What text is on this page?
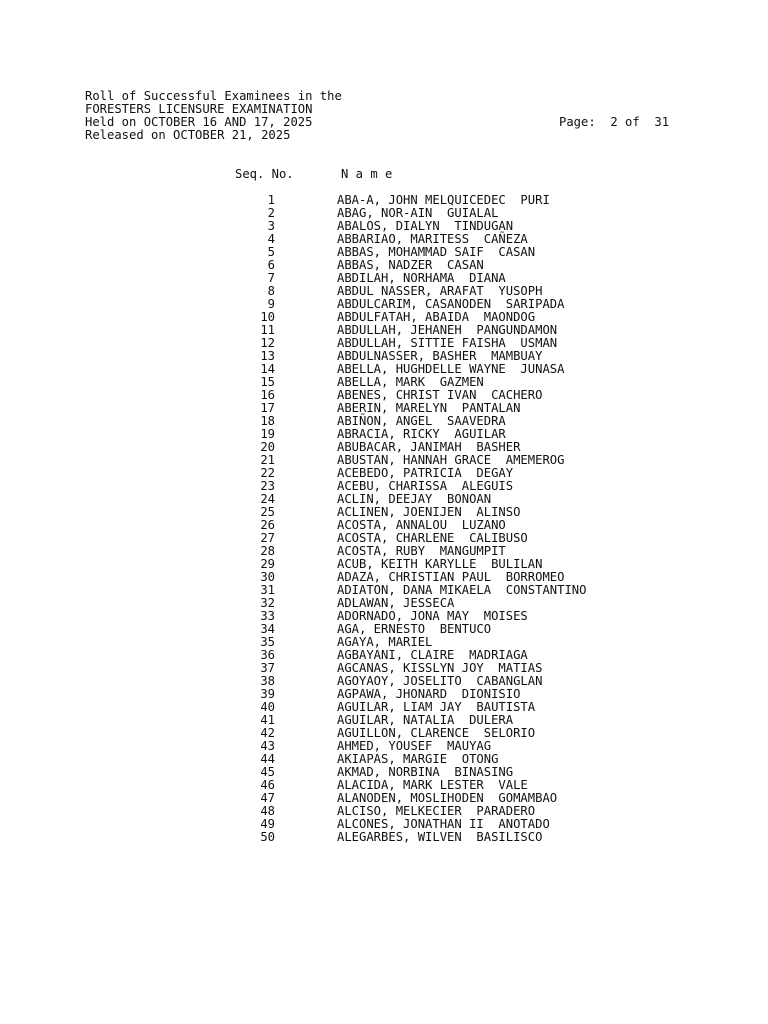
Roll of Successful Examinees in the
FORESTERS LICENSURE EXAMINATION
Held on OCTOBER 16 AND 17, 2025
Released on OCTOBER 21, 2025
Page:  2 of  31
Seq. No.	N a m e
1	ABA-A, JOHN MELQUICEDEC  PURI
2	ABAG, NOR-AIN  GUIALAL
3	ABALOS, DIALYN  TINDUGAN
4	ABBARIAO, MARITESS  CAÑEZA
5	ABBAS, MOHAMMAD SAIF  CASAN
6	ABBAS, NADZER  CASAN
7	ABDILAH, NORHAMA  DIANA
8	ABDUL NASSER, ARAFAT  YUSOPH
9	ABDULCARIM, CASANODEN  SARIPADA
10	ABDULFATAH, ABAIDA  MAONDOG
11	ABDULLAH, JEHANEH  PANGUNDAMON
12	ABDULLAH, SITTIE FAISHA  USMAN
13	ABDULNASSER, BASHER  MAMBUAY
14	ABELLA, HUGHDELLE WAYNE  JUNASA
15	ABELLA, MARK  GAZMEN
16	ABENES, CHRIST IVAN  CACHERO
17	ABERIN, MARELYN  PANTALAN
18	ABIÑON, ANGEL  SAAVEDRA
19	ABRACIA, RICKY  AGUILAR
20	ABUBACAR, JANIMAH  BASHER
21	ABUSTAN, HANNAH GRACE  AMEMEROG
22	ACEBEDO, PATRICIA  DEGAY
23	ACEBU, CHARISSA  ALEGUIS
24	ACLIN, DEEJAY  BONOAN
25	ACLINEN, JOENIJEN  ALINSO
26	ACOSTA, ANNALOU  LUZANO
27	ACOSTA, CHARLENE  CALIBUSO
28	ACOSTA, RUBY  MANGUMPIT
29	ACUB, KEITH KARYLLE  BULILAN
30	ADAZA, CHRISTIAN PAUL  BORROMEO
31	ADIATON, DANA MIKAELA  CONSTANTINO
32	ADLAWAN, JESSECA
33	ADORNADO, JONA MAY  MOISES
34	AGA, ERNESTO  BENTUCO
35	AGAYA, MARIEL
36	AGBAYANI, CLAIRE  MADRIAGA
37	AGCANAS, KISSLYN JOY  MATIAS
38	AGOYAOY, JOSELITO  CABANGLAN
39	AGPAWA, JHONARD  DIONISIO
40	AGUILAR, LIAM JAY  BAUTISTA
41	AGUILAR, NATALIA  DULERA
42	AGUILLON, CLARENCE  SELORIO
43	AHMED, YOUSEF  MAUYAG
44	AKIAPAS, MARGIE  OTONG
45	AKMAD, NORBINA  BINASING
46	ALACIDA, MARK LESTER  VALE
47	ALANODEN, MOSLIHODEN  GOMAMBAO
48	ALCISO, MELKECIER  PARADERO
49	ALCONES, JONATHAN II  ANOTADO
50	ALEGARBES, WILVEN  BASILISCO
